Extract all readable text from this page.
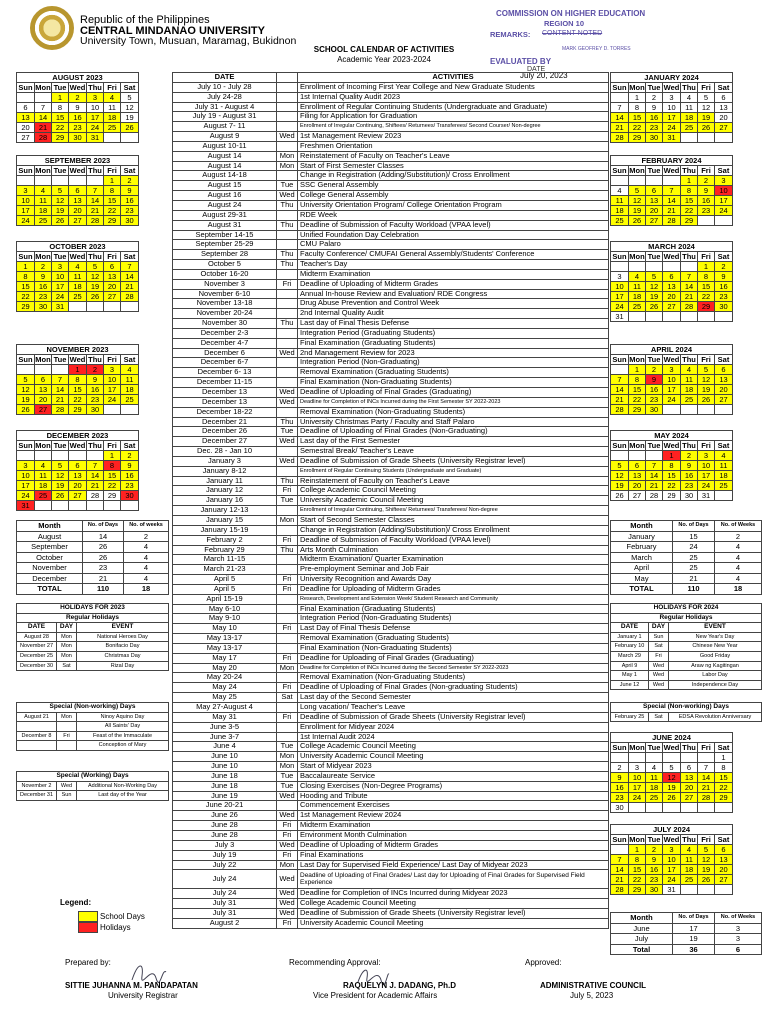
Republic of the Philippines
CENTRAL MINDANAO UNIVERSITY
University Town, Musuan, Maramag, Bukidnon
COMMISSION ON HIGHER EDUCATION
REGION 10
REMARKS: CONTENT NOTED
MARK GEOFREY D. TORRES
EVALUATED BY
DATE
July 20, 2023
SCHOOL CALENDAR OF ACTIVITIES
Academic Year 2023-2024
AUGUST 2023						
Sun	Mon	Tue	Wed	Thu	Fri	Sat
		1	2	3	4	5
6	7	8	9	10	11	12
13	14	15	16	17	18	19
20	21	22	23	24	25	26
27	28	29	30	31		
SEPTEMBER 2023						
Sun	Mon	Tue	Wed	Thu	Fri	Sat
					1	2
3	4	5	6	7	8	9
10	11	12	13	14	15	16
17	18	19	20	21	22	23
24	25	26	27	28	29	30
OCTOBER 2023						
Sun	Mon	Tue	Wed	Thu	Fri	Sat
1	2	3	4	5	6	7
8	9	10	11	12	13	14
15	16	17	18	19	20	21
22	23	24	25	26	27	28
29	30	31				
NOVEMBER 2023						
Sun	Mon	Tue	Wed	Thu	Fri	Sat
			1	2	3	4
5	6	7	8	9	10	11
12	13	14	15	16	17	18
19	20	21	22	23	24	25
26	27	28	29	30		
DECEMBER 2023						
Sun	Mon	Tue	Wed	Thu	Fri	Sat
					1	2
3	4	5	6	7	8	9
10	11	12	13	14	15	16
17	18	19	20	21	22	23
24	25	26	27	28	29	30
31						
JANUARY 2024						
Sun	Mon	Tue	Wed	Thu	Fri	Sat
	1	2	3	4	5	6
7	8	9	10	11	12	13
14	15	16	17	18	19	20
21	22	23	24	25	26	27
28	29	30	31			
FEBRUARY 2024						
Sun	Mon	Tue	Wed	Thu	Fri	Sat
				1	2	3
4	5	6	7	8	9	10
11	12	13	14	15	16	17
18	19	20	21	22	23	24
25	26	27	28	29		
MARCH 2024						
Sun	Mon	Tue	Wed	Thu	Fri	Sat
					1	2
3	4	5	6	7	8	9
10	11	12	13	14	15	16
17	18	19	20	21	22	23
24	25	26	27	28	29	30
31						
APRIL 2024						
Sun	Mon	Tue	Wed	Thu	Fri	Sat
	1	2	3	4	5	6
7	8	9	10	11	12	13
14	15	16	17	18	19	20
21	22	23	24	25	26	27
28	29	30				
MAY 2024						
Sun	Mon	Tue	Wed	Thu	Fri	Sat
			1	2	3	4
5	6	7	8	9	10	11
12	13	14	15	16	17	18
19	20	21	22	23	24	25
26	27	28	29	30	31	
JUNE 2024						
Sun	Mon	Tue	Wed	Thu	Fri	Sat
						1
2	3	4	5	6	7	8
9	10	11	12	13	14	15
16	17	18	19	20	21	22
23	24	25	26	27	28	29
30						
JULY 2024						
Sun	Mon	Tue	Wed	Thu	Fri	Sat
	1	2	3	4	5	6
7	8	9	10	11	12	13
14	15	16	17	18	19	20
21	22	23	24	25	26	27
28	29	30	31			
Month	No. of Days	No. of weeks
August	14	2
September	26	4
October	26	4
November	23	4
December	21	4
TOTAL	110	18
Month	No. of Days	No. of Weeks
January	15	2
February	24	4
March	25	4
April	25	4
May	21	4
TOTAL	110	18
Month	No. of Days	No. of Weeks
June	17	3
July	19	3
Total	36	6
HOLIDAYS FOR 2023		
Regular Holidays		
DATE	DAY	EVENT
August 28	Mon	National Heroes Day
November 27	Mon	Bonifacio Day
December 25	Mon	Christmas Day
December 30	Sat	Rizal Day
Special (Non-working) Days		
August 21	Mon	Ninoy Aquino Day
		All Saints' Day
December 8	Fri	Feast of the Immaculate
		Conception of Mary
Special (Working) Days		
November 2	Wed	Additional Non-Working Day
December 31	Sun	Last day of the Year
HOLIDAYS FOR 2024		
Regular Holidays		
DATE	DAY	EVENT
January 1	Sun	New Year's Day
February 10	Sat	Chinese New Year
March 29	Fri	Good Friday
April 9	Wed	Araw ng Kagitingan
May 1	Wed	Labor Day
June 12	Wed	Independence Day
Special (Non-working) Days
February 25	Sat	EDSA Revolution Anniversary
DATE		ACTIVITIES
July 10 - July 28		Enrollment of Incoming First Year College and New Graduate Students
July 24-28		1st Internal Quality Audit 2023
July 31 - August 4		Enrollment of Regular Continuing Students (Undergraduate and Graduate)
July 19 - August 31		Filing for Application for Graduation
August 7- 11		Enrollment of Irregular Continuing, Shiftees/ Returnees/ Transferees/ Second Courser/ Non-degree
August 9	Wed	1st Management Review 2023
August 10-11		Freshmen Orientation
August 14	Mon	Reinstatement of Faculty on Teacher's Leave
August 14	Mon	Start of First Semester Classes
August 14-18		Change in Registration (Adding/Substitution)/ Cross Enrollment
August 15	Tue	SSC General Assembly
August 16	Wed	College General Assembly
August 24	Thu	University Orientation Program/ College Orientation Program
August 29-31		RDE Week
August 31	Thu	Deadline of Submission of Faculty Workload (VPAA level)
September 14-15		Unified Foundation Day Celebration
September 25-29		CMU Palaro
September 28	Thu	Faculty Conference/ CMUFAI General Assembly/Students' Conference
October 5	Thu	Teacher's Day
October 16-20		Midterm Examination
November 3	Fri	Deadline of Uploading of Midterm Grades
November 6-10		Annual In-house Review and Evaluation/ RDE Congress
November 13-18		Drug Abuse Prevention and Control Week
November 20-24		2nd Internal Quality Audit
November 30	Thu	Last day of Final Thesis Defense
December 2-3		Integration Period (Graduating Students)
December 4-7		Final Examination (Graduating Students)
December 6	Wed	2nd Management Review for 2023
December 6-7		Integration Period (Non-Graduating)
December 6- 13		Removal Examination (Graduating Students)
December 11-15		Final Examination (Non-Graduating Students)
December 13	Wed	Deadline of Uploading of Final Grades (Graduating)
December 13	Wed	Deadline for Completion of INCs Incurred during the First Semester SY 2022-2023
December 18-22		Removal Examination (Non-Graduating Students)
December 21	Thu	University Christmas Party / Faculty and Staff Palaro
December 26	Tue	Deadline of Uploading of Final Grades (Non-Graduating)
December 27	Wed	Last day of the First Semester
Dec. 28 - Jan 10		Semestral Break/ Teacher's Leave
January 3	Wed	Deadline of Submission of Grade Sheets (University Registrar level)
January 8-12		Enrollment of Regular Continuing Students (Undergraduate and Graduate)
January 11	Thu	Reinstatement of Faculty on Teacher's Leave
January 12	Fri	College Academic Council Meeting
January 16	Tue	University Academic Council Meeting
January 12-13		Enrollment of Irregular Continuing, Shiftees/ Returnees/ Transferees/ Non-degree
January 15	Mon	Start of Second Semester Classes
January 15-19		Change in Registration (Adding/Substitution)/ Cross Enrollment
February 2	Fri	Deadline of Submission of Faculty Workload (VPAA level)
February 29	Thu	Arts Month Culmination
March 11-15		Midterm Examination/ Quarter Examination
March 21-23		Pre-employment Seminar and Job Fair
April 5	Fri	University Recognition and Awards Day
April 5	Fri	Deadline for Uploading of Midterm Grades
April 15-19		Research, Development and Extension Week/ Student Research and Community
May 6-10		Final Examination (Graduating Students)
May 9-10		Integration Period (Non-Graduating Students)
May 10	Fri	Last Day of Final Thesis Defense
May 13-17		Removal Examination (Graduating Students)
May 13-17		Final Examination (Non-Graduating Students)
May 17	Fri	Deadline for Uploading of Final Grades (Graduating)
May 20	Mon	Deadline for Completion of INCs Incurred during the Second Semester SY 2022-2023
May 20-24		Removal Examination (Non-Graduating Students)
May 24	Fri	Deadline of Uploading of Final Grades (Non-graduating Students)
May 25	Sat	Last day of the Second Semester
May 27-August 4		Long vacation/ Teacher's Leave
May 31	Fri	Deadline of Submission of Grade Sheets (University Registrar level)
June 3-5		Enrollment for Midyear 2024
June 3-7		1st Internal Audit 2024
June 4	Tue	College Academic Council Meeting
June 10	Mon	University Academic Council Meeting
June 10	Mon	Start of Midyear 2023
June 18	Tue	Baccalaureate Service
June 18	Tue	Closing Exercises (Non-Degree Programs)
June 19	Wed	Hooding and Tribute
June 20-21		Commencement Exercises
June 26	Wed	1st Management Review 2024
June 28	Fri	Midterm Examination
June 28	Fri	Environment Month Culmination
July 3	Wed	Deadline of Uploading of Midterm Grades
July 19	Fri	Final Examinations
July 22	Mon	Last Day for Supervised Field Experience/ Last Day of Midyear 2023
July 24	Wed	Deadline of Uploading of Final Grades/ Last day for Uploading of Final Grades for Supervised Field Experience
July 24	Wed	Deadline for Completion of INCs Incurred during Midyear 2023
July 31	Wed	College Academic Council Meeting
July 31	Wed	Deadline of Submission of Grade Sheets (University Registrar level)
August 2	Fri	University Academic Council Meeting
Legend:
School Days
Holidays
Prepared by:	Recommending Approval:	Approved:
SITTIE JUHANNA M. PANDAPATAN
University Registrar
RAQUELYN J. DADANG, Ph.D
Vice President for Academic Affairs
ADMINISTRATIVE COUNCIL
July 5, 2023
